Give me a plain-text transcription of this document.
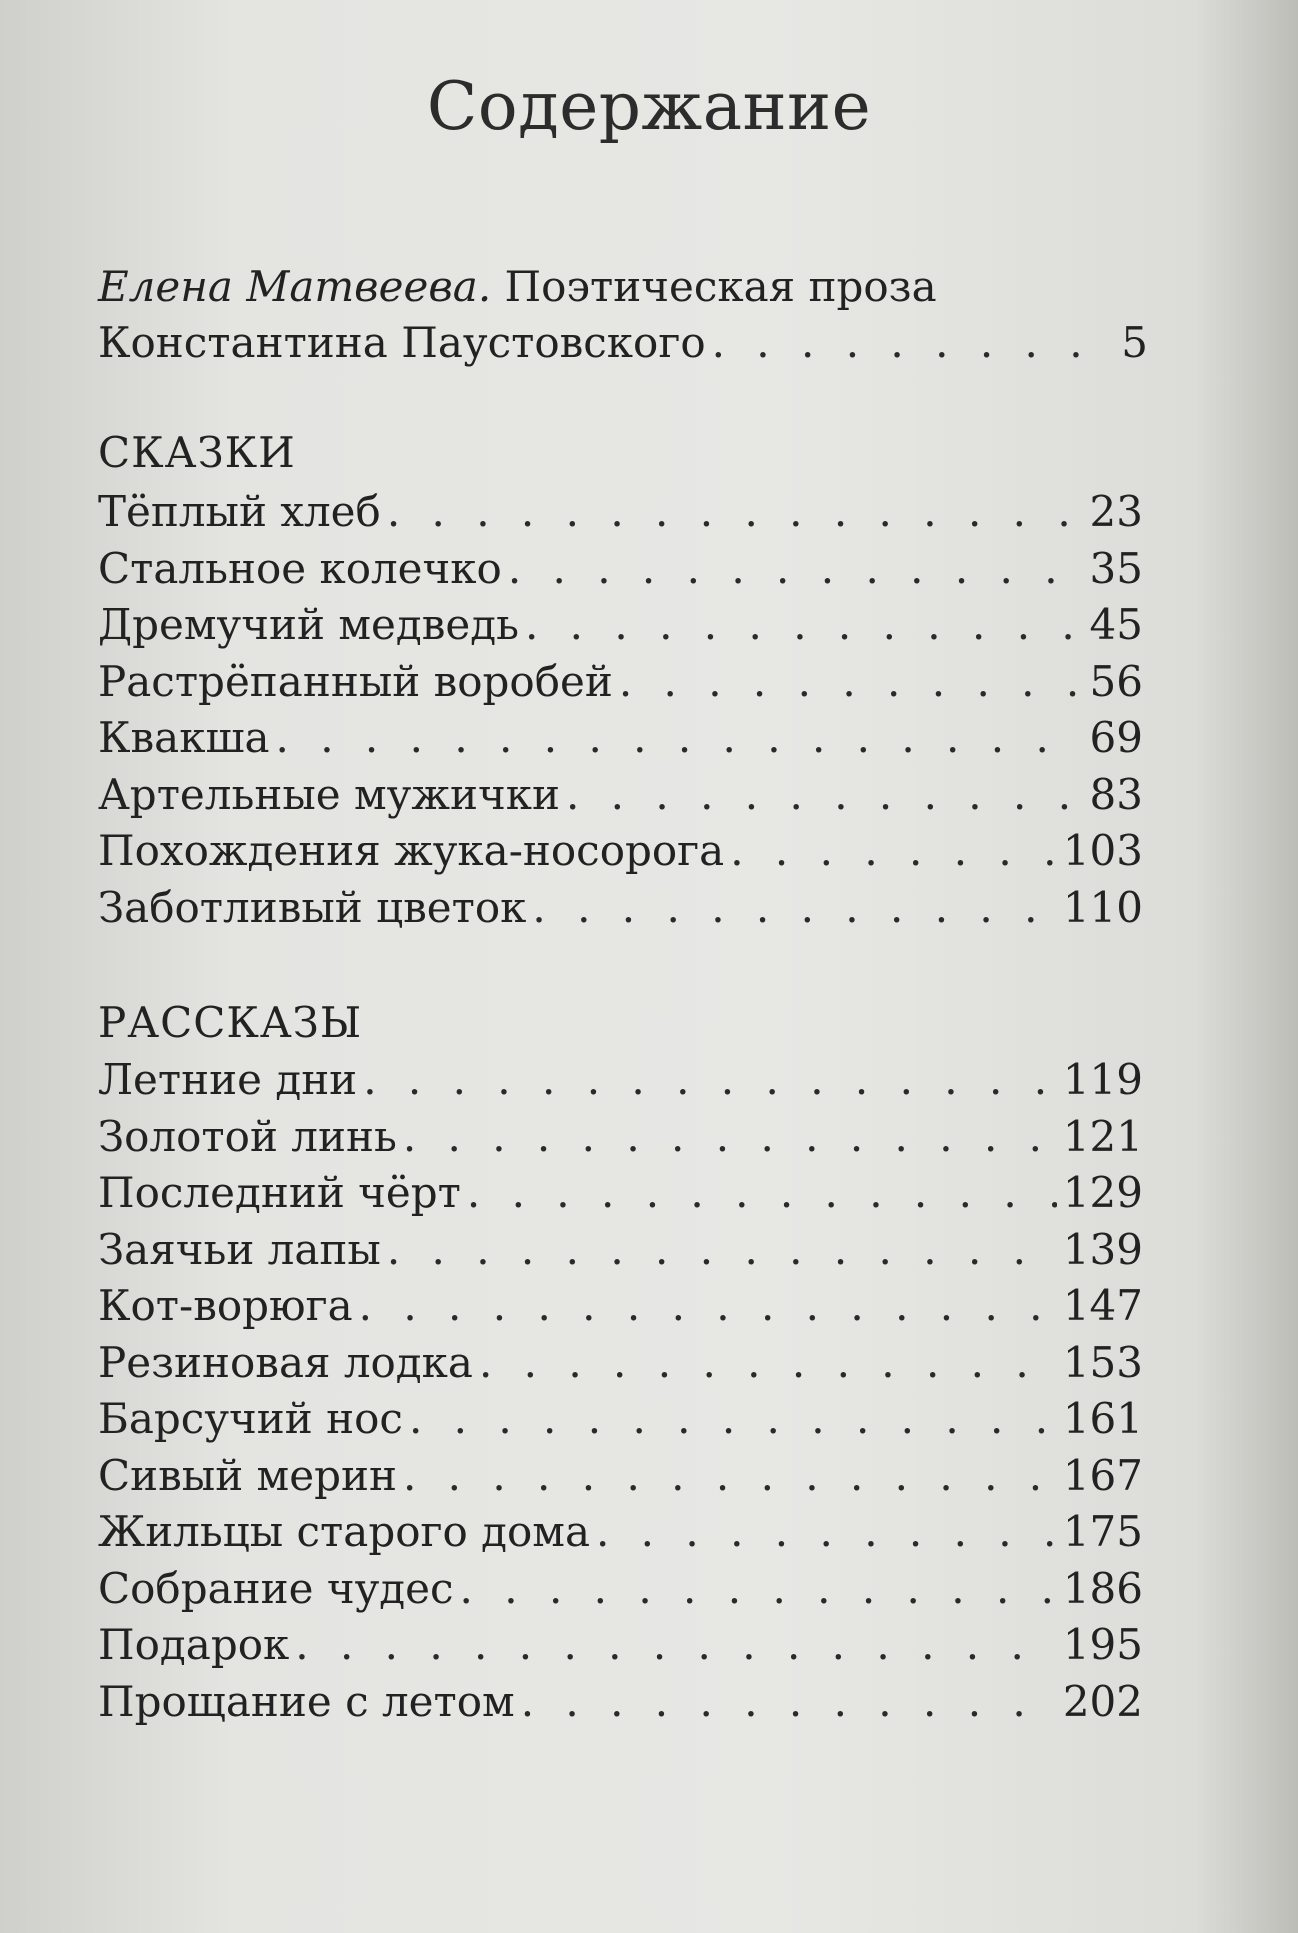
Содержание
Елена Матвеева. Поэтическая проза
Константина Паустовского . . .	5
СКАЗКИ
Тёплый хлеб . . .	23
Стальное колечко . . .	35
Дремучий медведь . . .	45
Растрёпанный воробей . . .	56
Квакша . . .	69
Артельные мужички . . .	83
Похождения жука-носорога . . .	103
Заботливый цветок . . .	110
РАССКАЗЫ
Летние дни . . .	119
Золотой линь . . .	121
Последний чёрт . . .	129
Заячьи лапы . . .	139
Кот-ворюга . . .	147
Резиновая лодка . . .	153
Барсучий нос . . .	161
Сивый мерин . . .	167
Жильцы старого дома . . .	175
Собрание чудес . . .	186
Подарок . . .	195
Прощание с летом . . .	202
